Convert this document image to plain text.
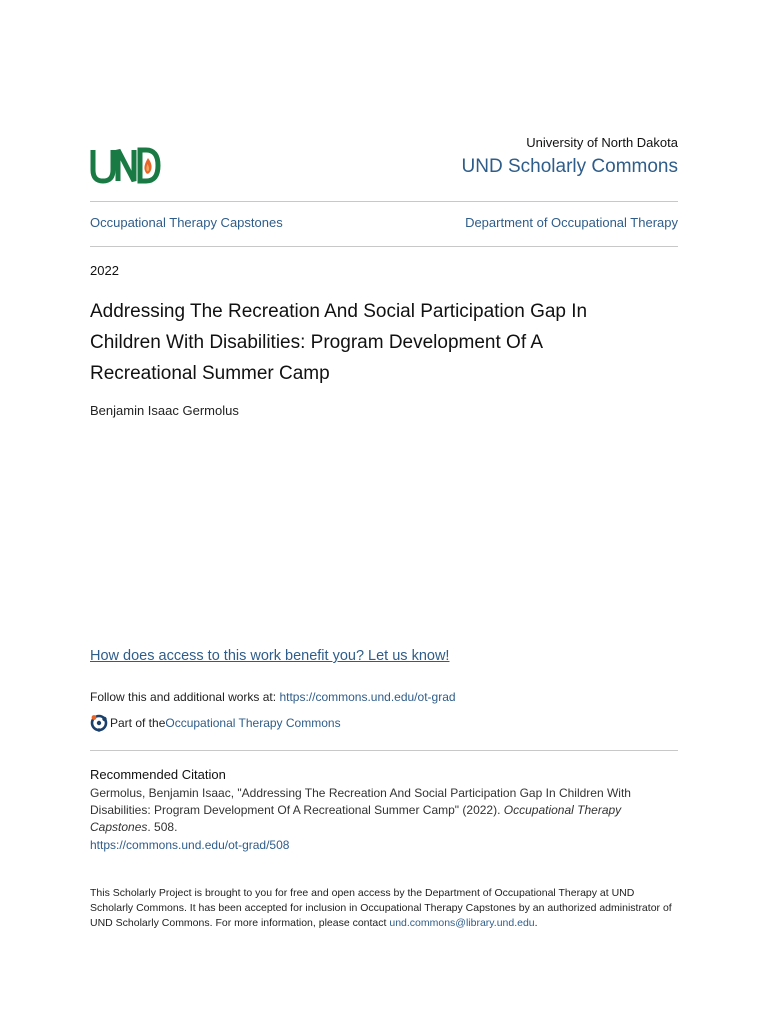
University of North Dakota
UND Scholarly Commons
Occupational Therapy Capstones	Department of Occupational Therapy
2022
Addressing The Recreation And Social Participation Gap In Children With Disabilities: Program Development Of A Recreational Summer Camp
Benjamin Isaac Germolus
How does access to this work benefit you? Let us know!
Follow this and additional works at: https://commons.und.edu/ot-grad
Part of the Occupational Therapy Commons
Recommended Citation
Germolus, Benjamin Isaac, "Addressing The Recreation And Social Participation Gap In Children With Disabilities: Program Development Of A Recreational Summer Camp" (2022). Occupational Therapy Capstones. 508.
https://commons.und.edu/ot-grad/508
This Scholarly Project is brought to you for free and open access by the Department of Occupational Therapy at UND Scholarly Commons. It has been accepted for inclusion in Occupational Therapy Capstones by an authorized administrator of UND Scholarly Commons. For more information, please contact und.commons@library.und.edu.
